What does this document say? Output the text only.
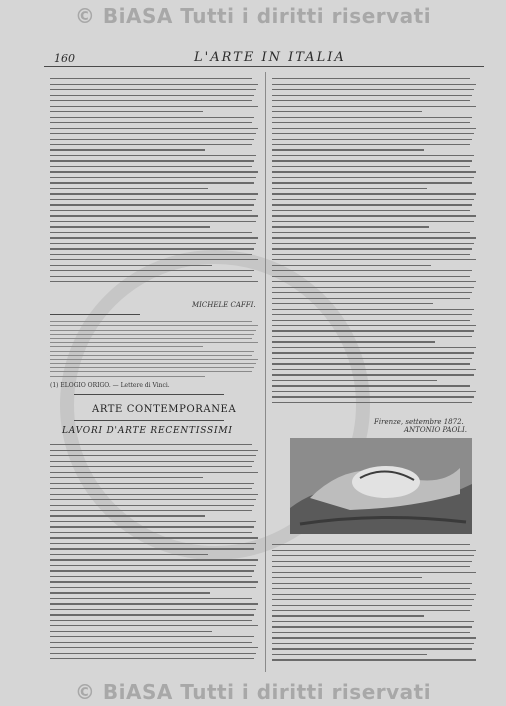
© BiASA Tutti i diritti riservati
160	L'ARTE IN ITALIA
MICHELE CAFFI.
(1) ELOGIO ORIGO. — Lettere di Vinci.
ARTE CONTEMPORANEA
LAVORI D'ARTE RECENTISSIMI
Firenze, settembre 1872.
ANTONIO PAOLI.
© BiASA Tutti i diritti riservati
